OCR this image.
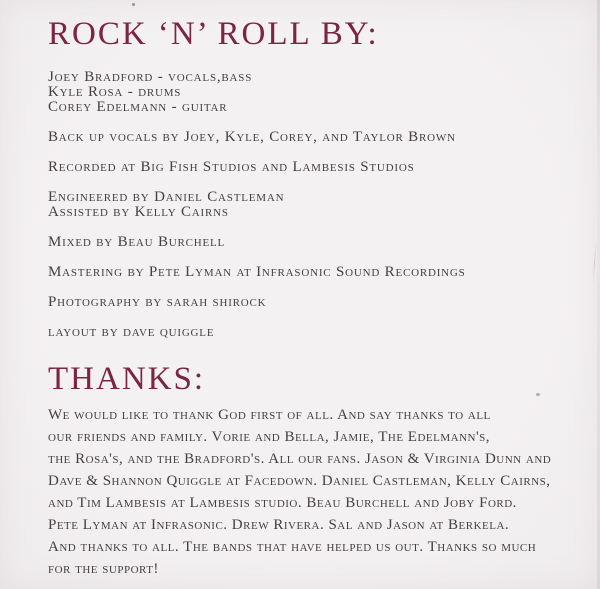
ROCK ‘N’ ROLL BY:
Joey Bradford - vocals,bass
Kyle Rosa - drums
Corey Edelmann - guitar
Back up vocals by Joey, Kyle, Corey, and Taylor Brown
Recorded at Big Fish Studios and Lambesis Studios
Engineered by Daniel Castleman
Assisted by Kelly Cairns
Mixed by Beau Burchell
Mastering by Pete Lyman at Infrasonic Sound Recordings
Photography by sarah shirock
layout by dave quiggle
THANKS:
We would like to thank God first of all. And say thanks to all
our friends and family. Vorie and Bella, Jamie, The Edelmann's,
the Rosa's, and the Bradford's. All our fans. Jason & Virginia Dunn and
Dave & Shannon Quiggle at Facedown. Daniel Castleman, Kelly Cairns,
and Tim Lambesis at Lambesis studio. Beau Burchell and Joby Ford.
Pete Lyman at Infrasonic. Drew Rivera. Sal and Jason at Berkela.
And thanks to all. The bands that have helped us out. Thanks so much
for the support!
